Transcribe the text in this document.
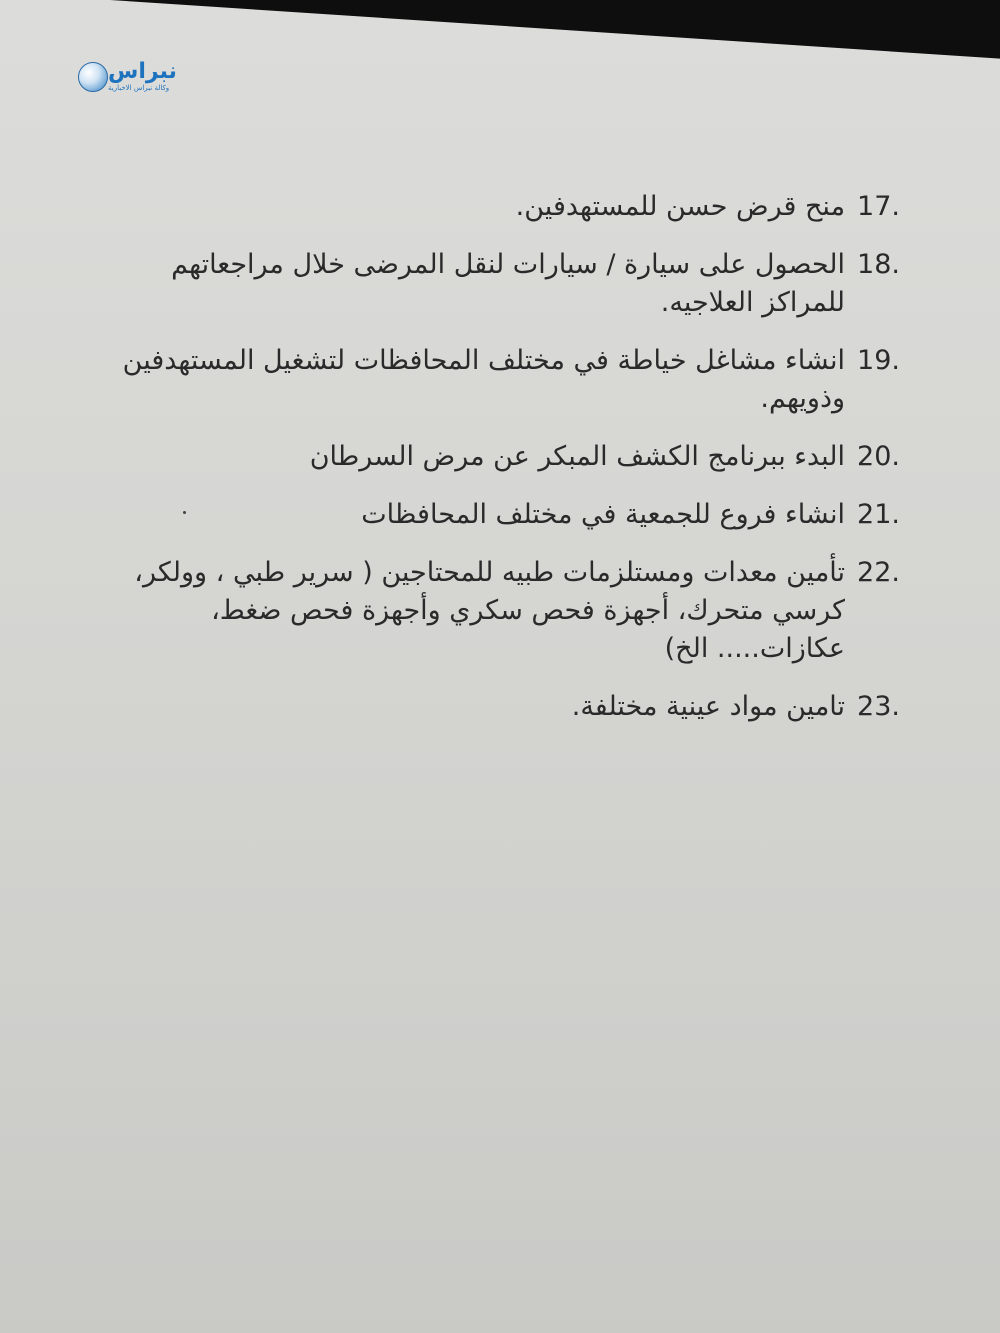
نبراس
وكالة نبراس الاخبارية
17.
منح قرض حسن للمستهدفين.
18.
الحصول على سيارة / سيارات لنقل المرضى خلال مراجعاتهم للمراكز العلاجيه.
19.
انشاء مشاغل خياطة في مختلف المحافظات لتشغيل المستهدفين وذويهم.
20.
البدء ببرنامج الكشف المبكر عن مرض السرطان
21.
انشاء فروع للجمعية في مختلف المحافظات
22.
تأمين معدات ومستلزمات طبيه للمحتاجين ( سرير طبي ، وولكر، كرسي متحرك، أجهزة فحص سكري وأجهزة فحص ضغط، عكازات..... الخ)
23.
تامين مواد عينية مختلفة.
